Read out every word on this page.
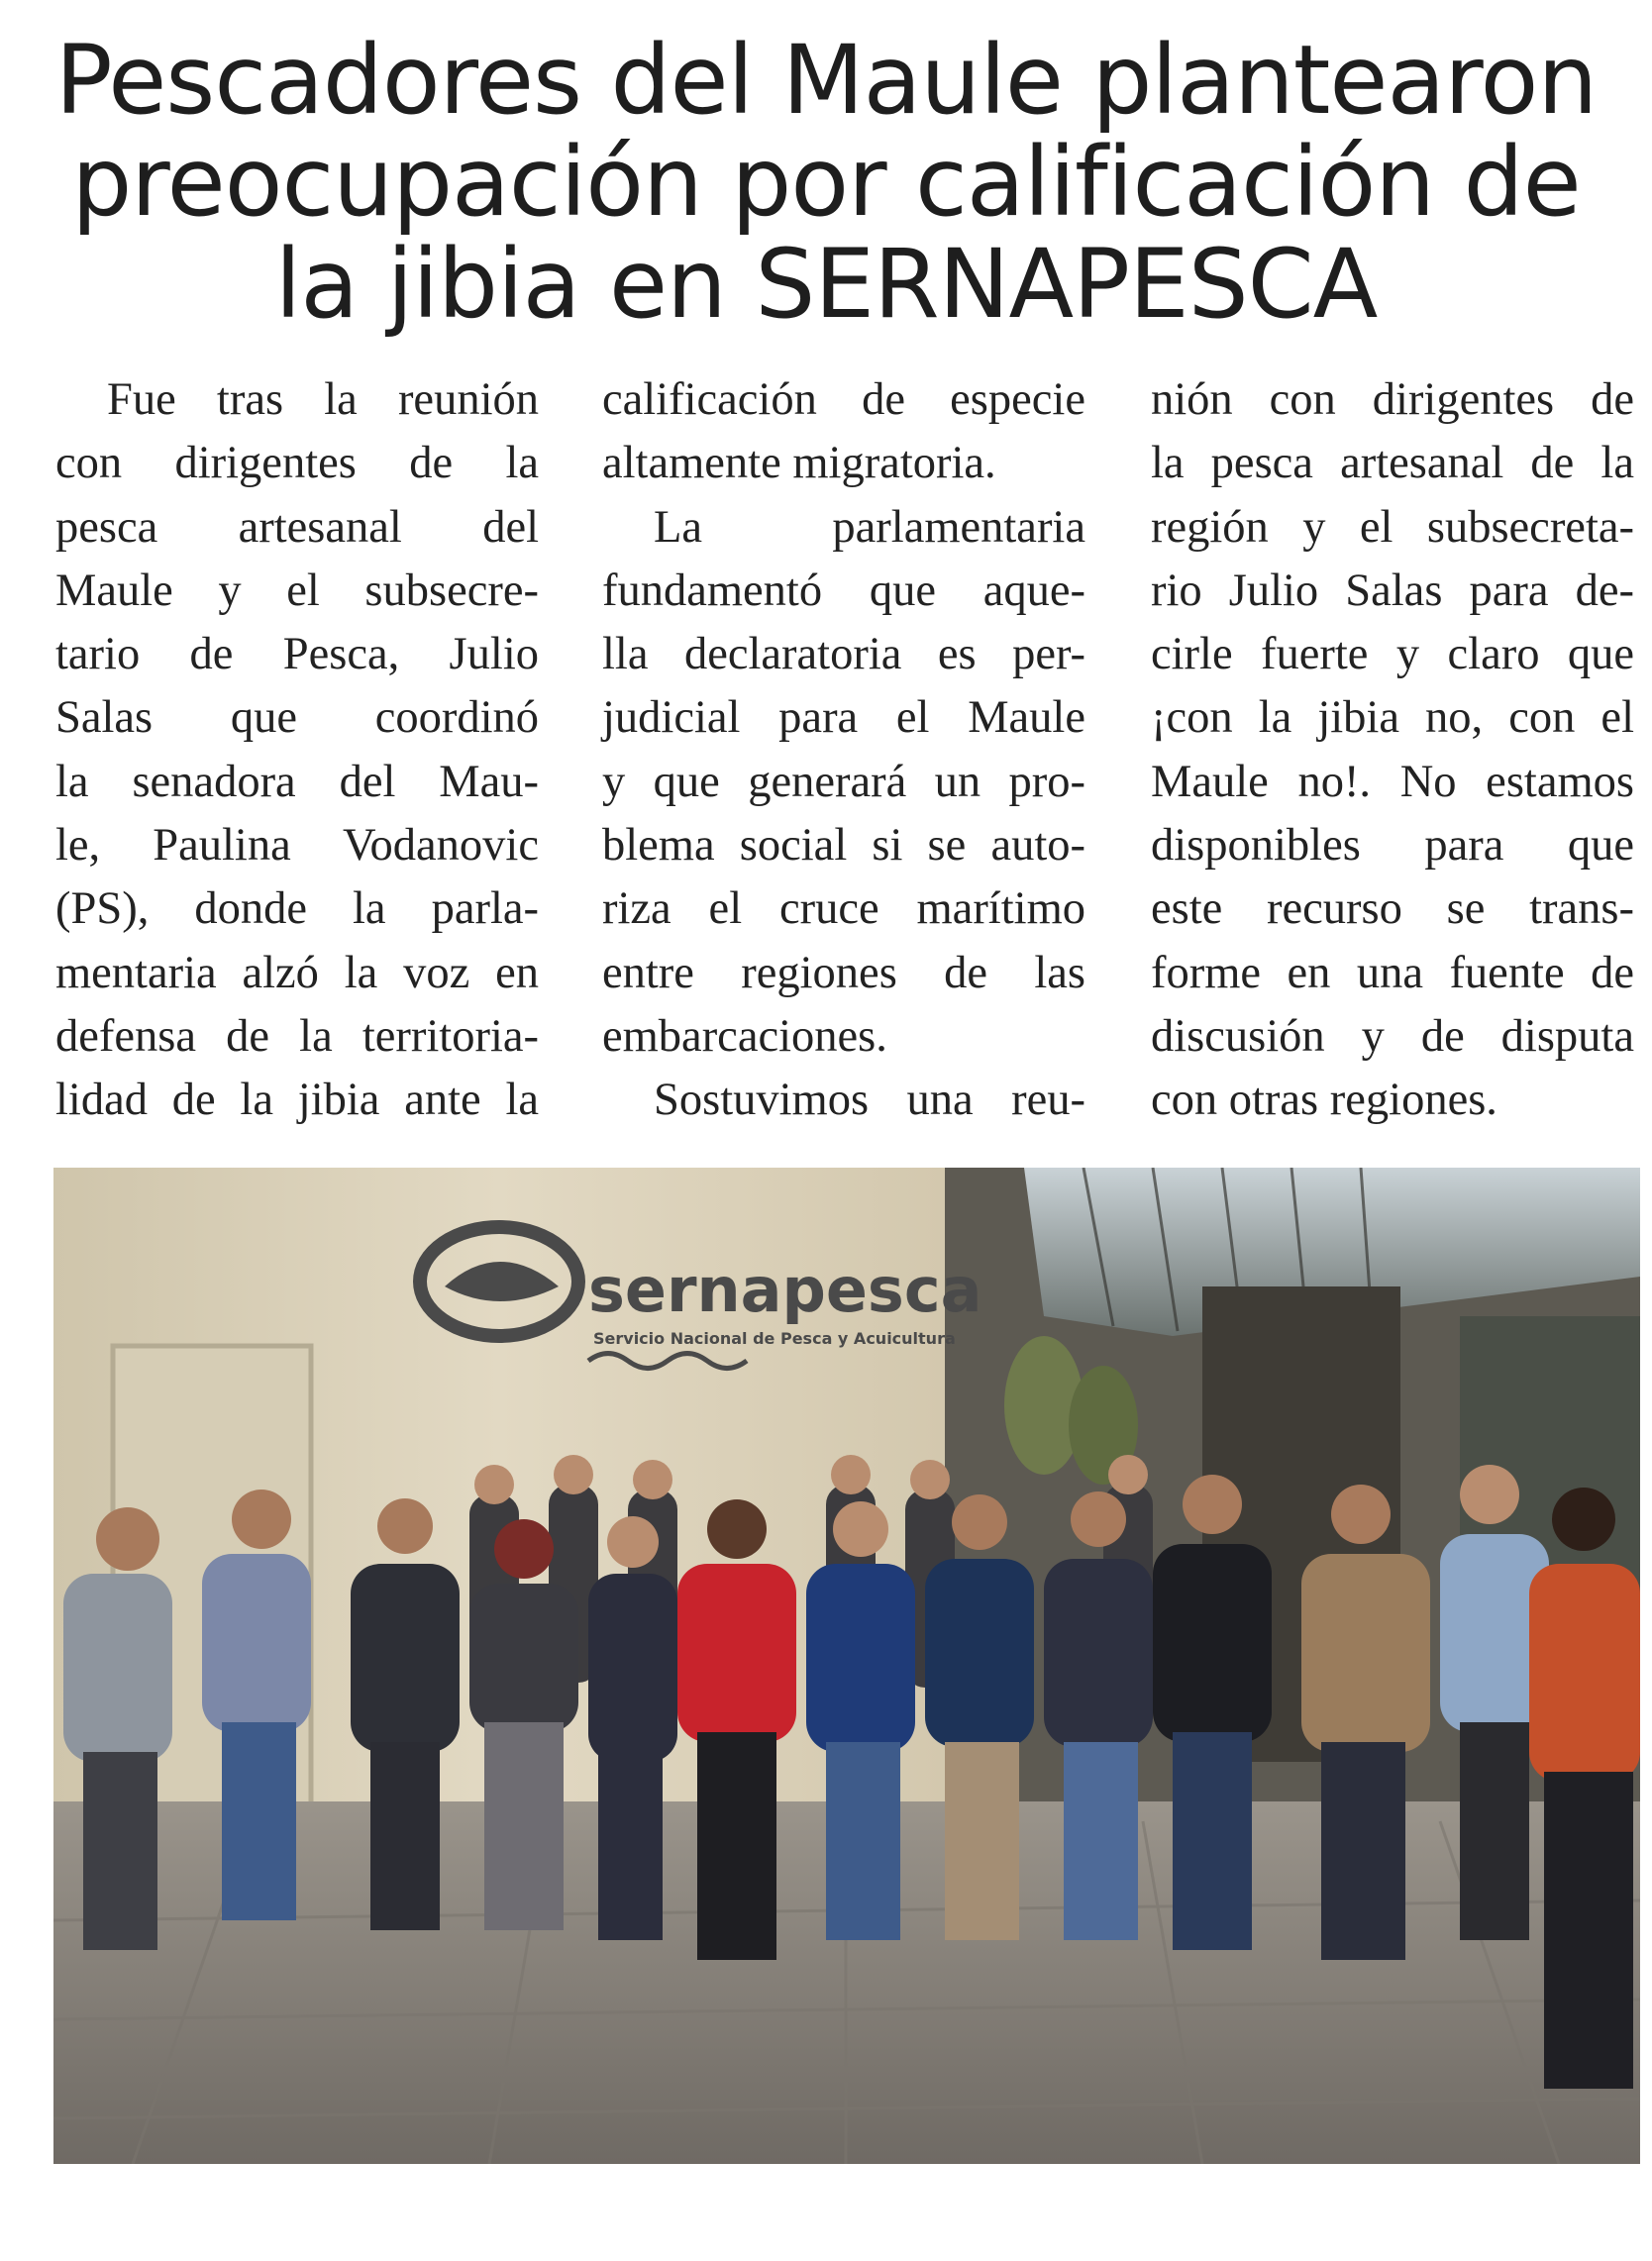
Pescadores del Maule plantearon
preocupación por calificación de
la jibia en SERNAPESCA
Fue tras la reunión
con dirigentes de la
pesca artesanal del
Maule y el subsecre-
tario de Pesca, Julio
Salas que coordinó
la senadora del Mau-
le, Paulina Vodanovic
(PS), donde la parla-
mentaria alzó la voz en
defensa de la territoria-
lidad de la jibia ante la
calificación de especie
altamente migratoria.
La parlamentaria
fundamentó que aque-
lla declaratoria es per-
judicial para el Maule
y que generará un pro-
blema social si se auto-
riza el cruce marítimo
entre regiones de las
embarcaciones.
Sostuvimos una reu-
nión con dirigentes de
la pesca artesanal de la
región y el subsecreta-
rio Julio Salas para de-
cirle fuerte y claro que
¡con la jibia no, con el
Maule no!. No estamos
disponibles para que
este recurso se trans-
forme en una fuente de
discusión y de disputa
con otras regiones.
sernapesca
Servicio Nacional de Pesca y Acuicultura
